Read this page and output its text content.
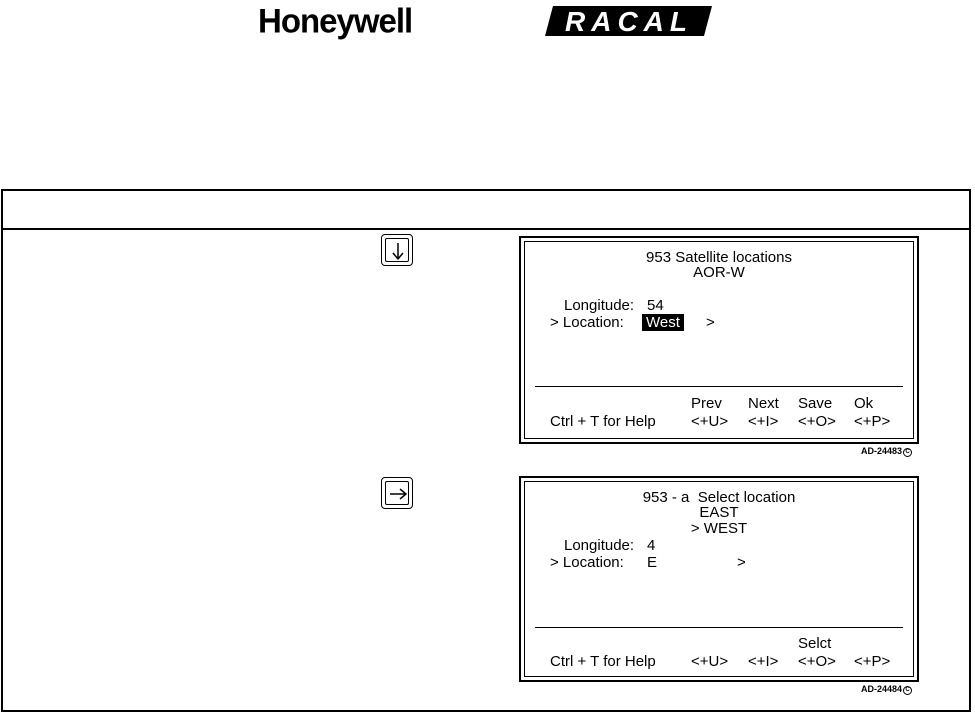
Honeywell	RACAL
953 Satellite locations
AOR-W
Longitude: 54
> Location: West >
Prev Next Save Ok
Ctrl + T for Help <+U> <+I> <+O> <+P>
AD-24483 C
953 - a  Select location
EAST
> WEST
Longitude: 4
> Location: E	>
Selct
Ctrl + T for Help <+U> <+I> <+O> <+P>
AD-24484 C
